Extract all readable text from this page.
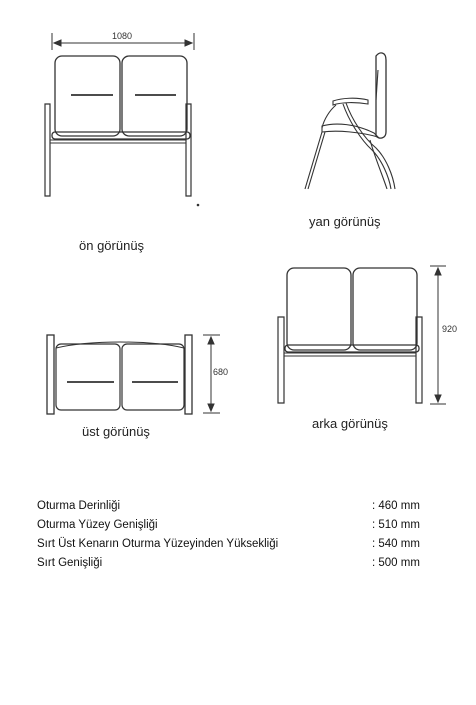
1080
920
680
ön görünüş
yan görünüş
üst görünüş
arka görünüş
Oturma Derinliği	: 460 mm
Oturma Yüzey Genişliği	: 510 mm
Sırt Üst Kenarın Oturma Yüzeyinden Yüksekliği	: 540 mm
Sırt Genişliği	: 500 mm
